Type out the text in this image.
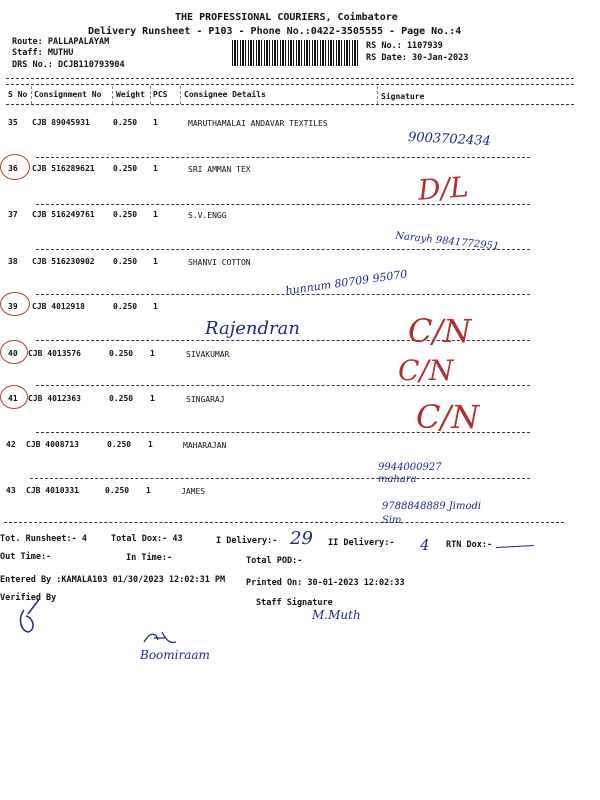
THE PROFESSIONAL COURIERS, Coimbatore
Delivery Runsheet - P103 - Phone No.:0422-3505555 - Page No.:4
Route: PALLAPALAYAM
Staff: MUTHU
DRS No.: DCJB110793904
RS No.: 1107939
RS Date: 30-Jan-2023
S No Consignment No Weight PCS Consignee Details	Signature
35 CJB 89045931	0.250 1	MARUTHAMALAI ANDAVAR TEXTILES
36 CJB 516289621 0.250 1	SRI AMMAN TEX
37 CJB 516249761 0.250 1	S.V.ENGG
38 CJB 516230902 0.250 1	SHANVI COTTON
39 CJB 4012918	0.250 1
40 CJB 4013576	0.250 1	SIVAKUMAR
41 CJB 4012363	0.250 1	SINGARAJ
42 CJB 4008713	0.250 1	MAHARAJAN
43 CJB 4010331	0.250 1	JAMES
9003702434
D/L
Narayh 9841772951
hunnum 80709 95070
Rajendran	C/N
C/N
C/N
9944000927 mahara
9788848889 Jimodi Sim
Tot. Runsheet:- 4	Total Dox:- 43	I Delivery:- 29 II Delivery:- 4 RTN Dox:-
Out Time:-	In Time:-	Total POD:-
Entered By :KAMALA103 01/30/2023 12:02:31 PM Printed On: 30-01-2023 12:02:33
Verified By	Staff Signature
M.Muth
Boomiraam
